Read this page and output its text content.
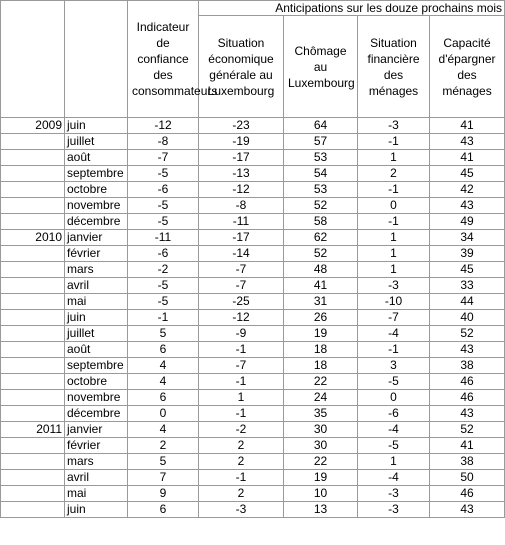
		Indicateur de confiance des consommateurs	Anticipations sur les douze prochains mois			
			Situation économique générale au Luxembourg	Chômage au Luxembourg	Situation financière des ménages	Capacité d'épargner des ménages
2009	juin	-12	-23	64	-3	41
	juillet	-8	-19	57	-1	43
	août	-7	-17	53	1	41
	septembre	-5	-13	54	2	45
	octobre	-6	-12	53	-1	42
	novembre	-5	-8	52	0	43
	décembre	-5	-11	58	-1	49
2010	janvier	-11	-17	62	1	34
	février	-6	-14	52	1	39
	mars	-2	-7	48	1	45
	avril	-5	-7	41	-3	33
	mai	-5	-25	31	-10	44
	juin	-1	-12	26	-7	40
	juillet	5	-9	19	-4	52
	août	6	-1	18	-1	43
	septembre	4	-7	18	3	38
	octobre	4	-1	22	-5	46
	novembre	6	1	24	0	46
	décembre	0	-1	35	-6	43
2011	janvier	4	-2	30	-4	52
	février	2	2	30	-5	41
	mars	5	2	22	1	38
	avril	7	-1	19	-4	50
	mai	9	2	10	-3	46
	juin	6	-3	13	-3	43
